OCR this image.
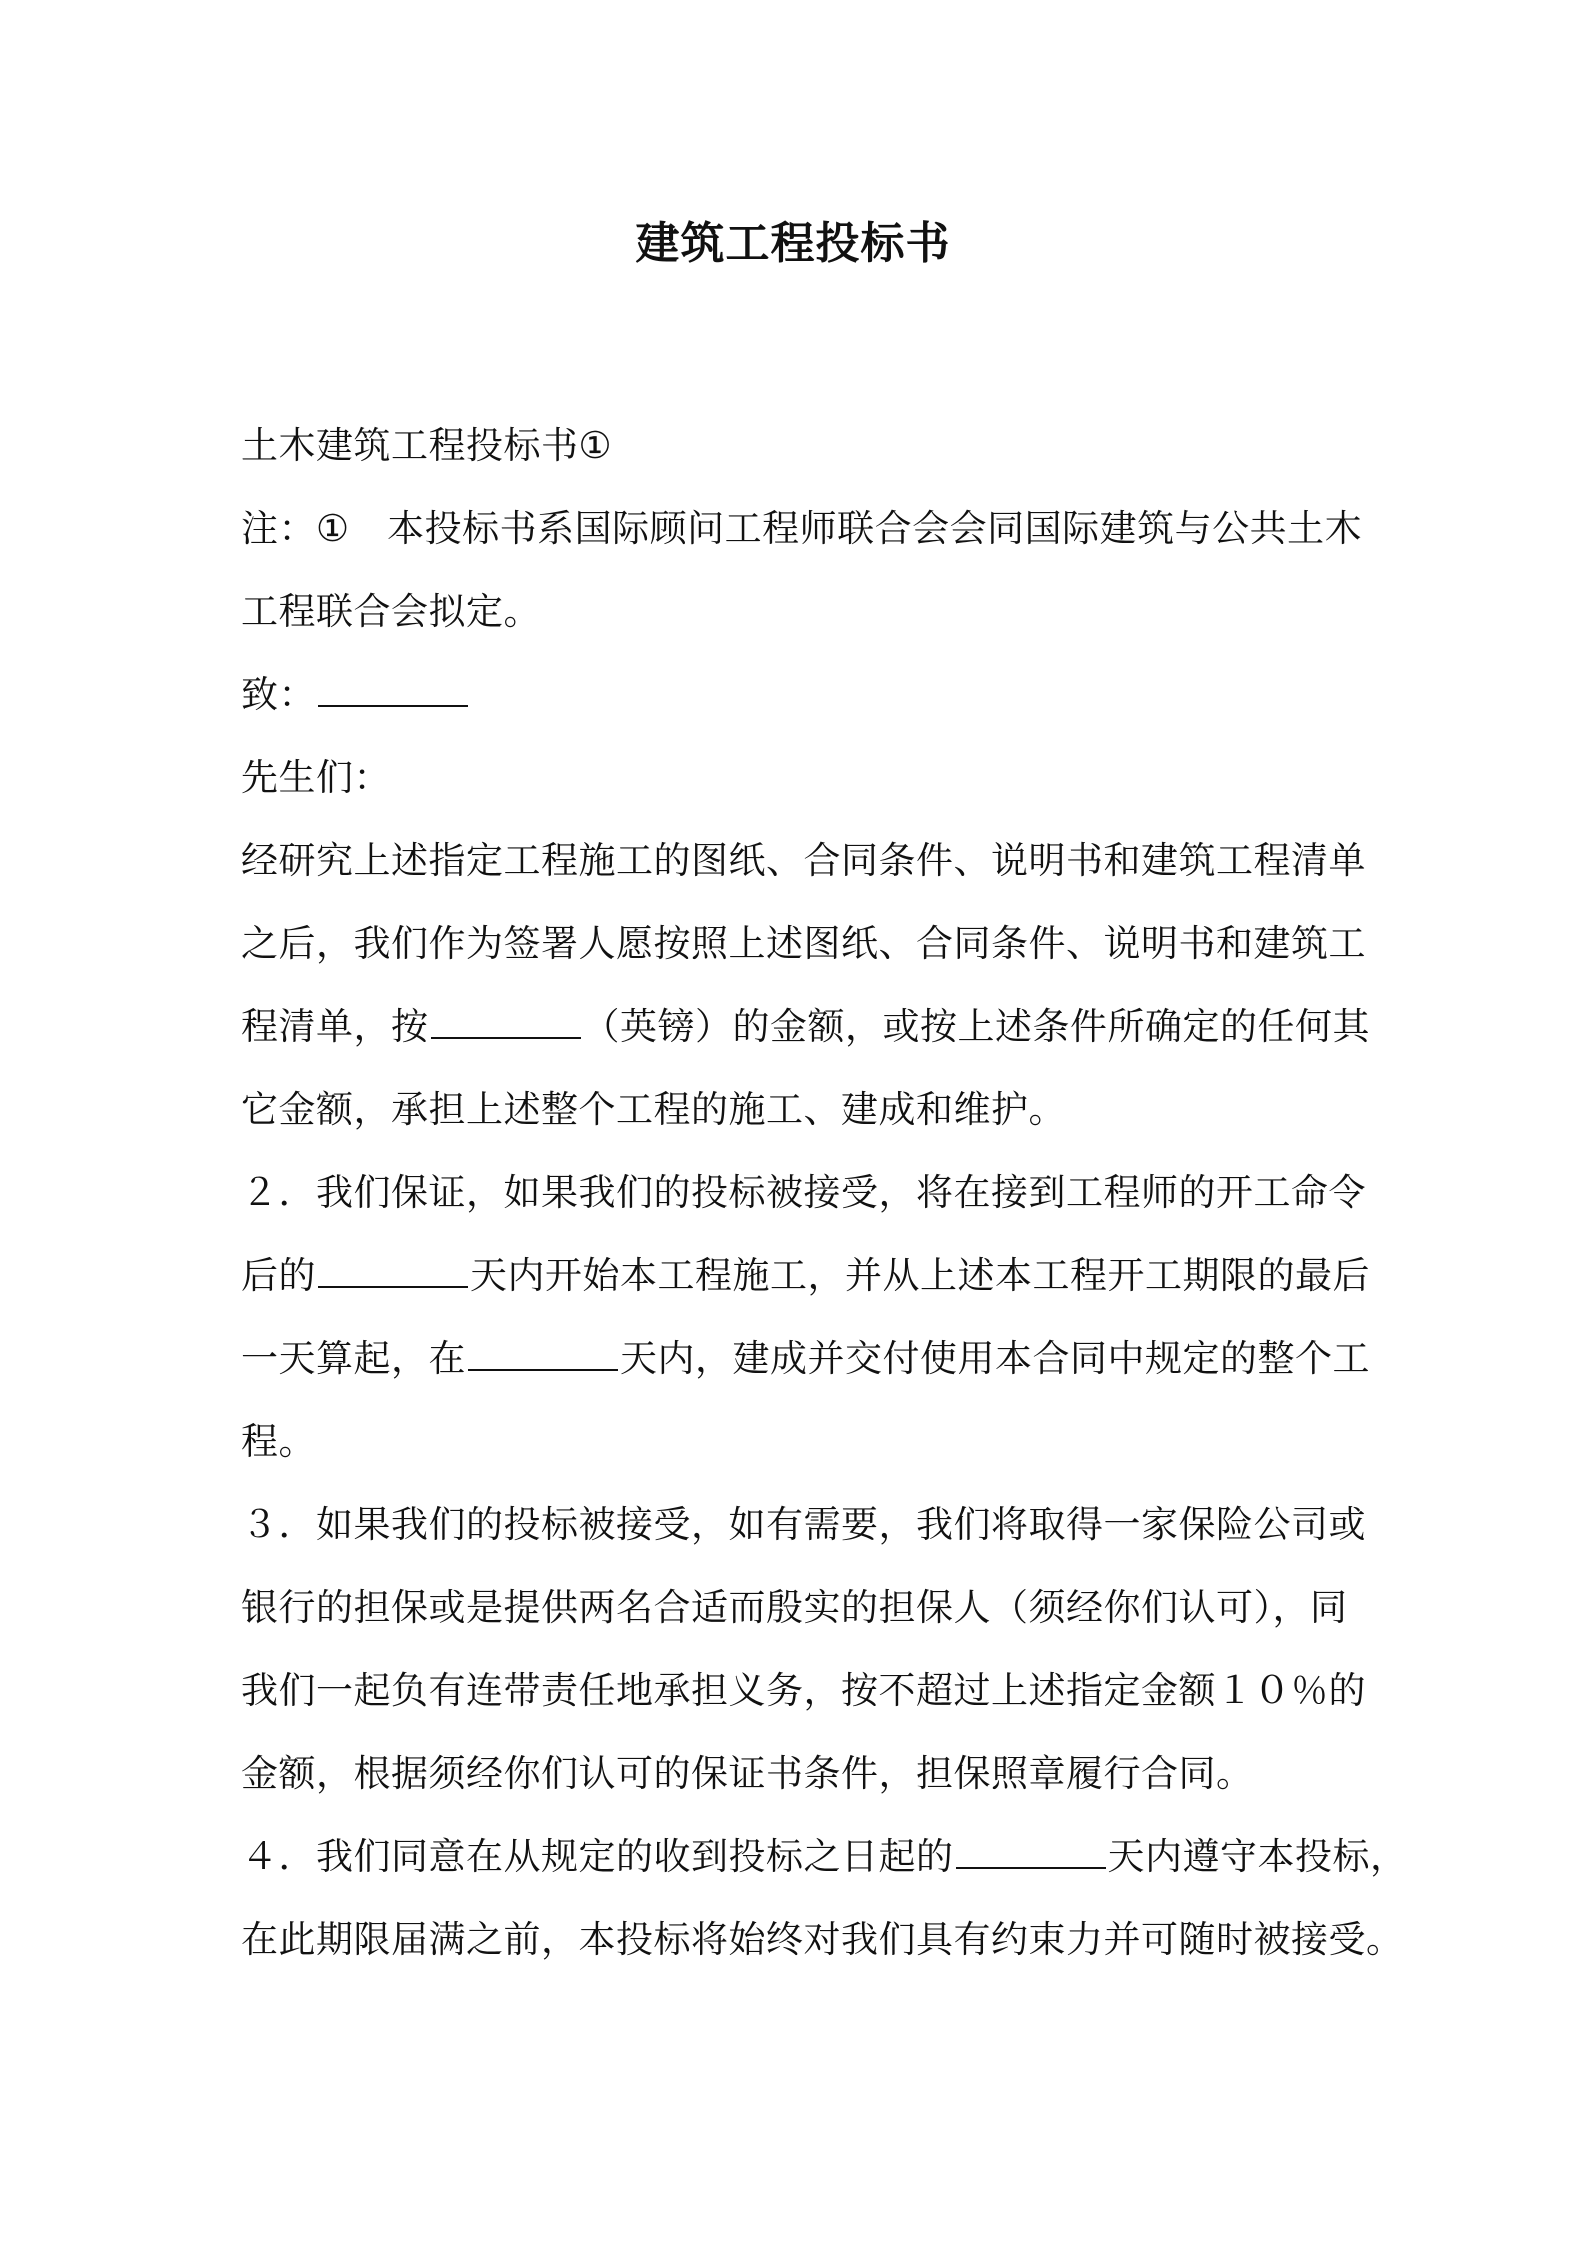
建筑工程投标书
土木建筑工程投标书①
注：①　本投标书系国际顾问工程师联合会会同国际建筑与公共土木
工程联合会拟定。
致：
先生们：
经研究上述指定工程施工的图纸、合同条件、说明书和建筑工程清单
之后，我们作为签署人愿按照上述图纸、合同条件、说明书和建筑工
程清单，按	（英镑）的金额，或按上述条件所确定的任何其
它金额，承担上述整个工程的施工、建成和维护。
２．我们保证，如果我们的投标被接受，将在接到工程师的开工命令
后的	天内开始本工程施工，并从上述本工程开工期限的最后
一天算起，在	天内，建成并交付使用本合同中规定的整个工
程。
３．如果我们的投标被接受，如有需要，我们将取得一家保险公司或
银行的担保或是提供两名合适而殷实的担保人（须经你们认可），同
我们一起负有连带责任地承担义务，按不超过上述指定金额１０％的
金额，根据须经你们认可的保证书条件，担保照章履行合同。
４．我们同意在从规定的收到投标之日起的	天内遵守本投标，
在此期限届满之前，本投标将始终对我们具有约束力并可随时被接受。
